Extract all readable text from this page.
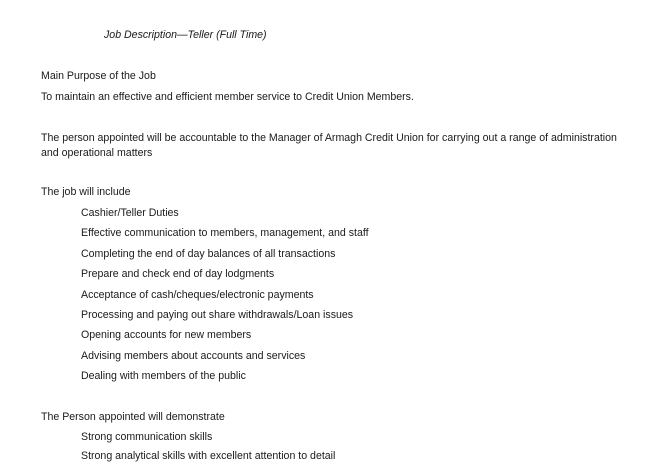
Job Description—Teller (Full Time)
Main Purpose of the Job
To maintain an effective and efficient member service to Credit Union Members.
The person appointed will be accountable to the Manager of Armagh Credit Union for carrying out a range of administration and operational matters
The job will include
Cashier/Teller Duties
Effective communication to members, management, and staff
Completing the end of day balances of all transactions
Prepare and check end of day lodgments
Acceptance of cash/cheques/electronic payments
Processing and paying out share withdrawals/Loan issues
Opening accounts for new members
Advising members about accounts and services
Dealing with members of the public
The Person appointed will demonstrate
Strong communication skills
Strong analytical skills with excellent attention to detail
